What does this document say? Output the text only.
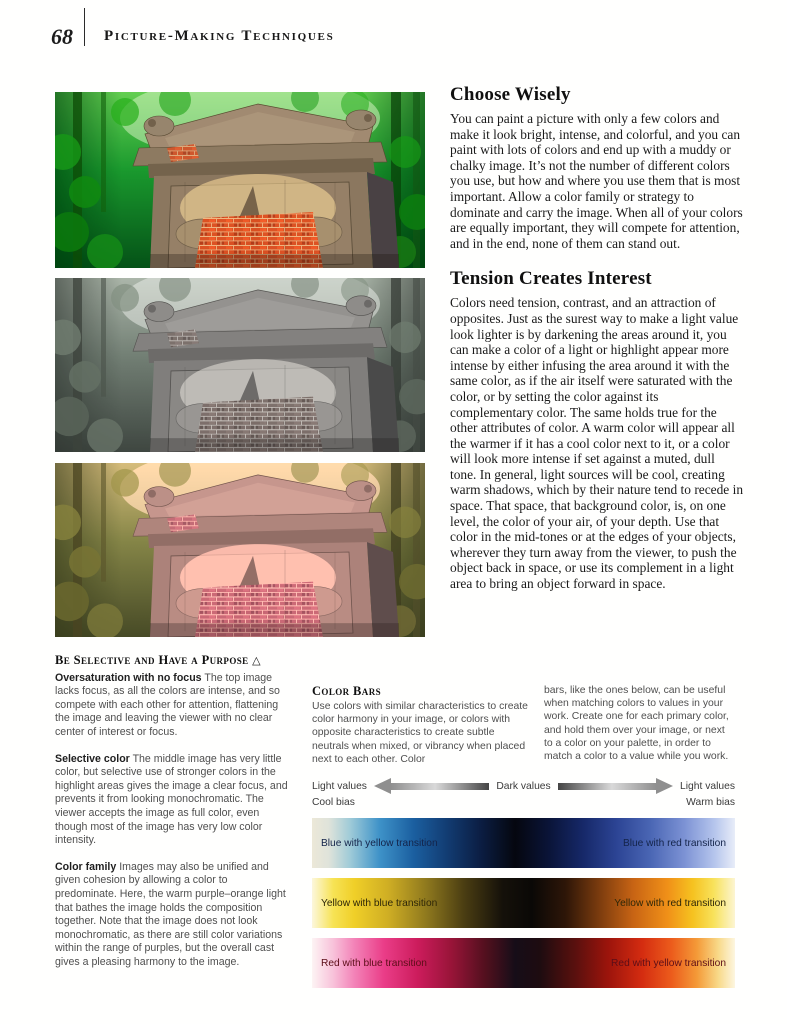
68 Picture-Making Techniques
Choose Wisely

You can paint a picture with only a few colors and make it look bright, intense, and colorful, and you can paint with lots of colors and end up with a muddy or chalky image. It’s not the number of different colors you use, but how and where you use them that is most important. Allow a color family or strategy to dominate and carry the image. When all of your colors are equally important, they will compete for attention, and in the end, none of them can stand out.

Tension Creates Interest

Colors need tension, contrast, and an attraction of opposites. Just as the surest way to make a light value look lighter is by darkening the areas around it, you can make a color of a light or highlight appear more intense by either infusing the area around it with the same color, as if the air itself were saturated with the color, or by setting the color against its complementary color. The same holds true for the other attributes of color. A warm color will appear all the warmer if it has a cool color next to it, or a color will look more intense if set against a muted, dull tone. In general, light sources will be cool, creating warm shadows, which by their nature tend to recede in space. That space, that background color, is, on one level, the color of your air, of your depth. Use that color in the mid-tones or at the edges of your objects, wherever they turn away from the viewer, to push the object back in space, or use its complement in a light area to bring an object forward in space.

Be Selective and Have a Purpose △

Oversaturation with no focus The top image lacks focus, as all the colors are intense, and so compete with each other for attention, flattening the image and leaving the viewer with no clear center of interest or focus.

Selective color The middle image has very little color, but selective use of stronger colors in the highlight areas gives the image a clear focus, and prevents it from looking monochromatic. The viewer accepts the image as full color, even though most of the image has very low color intensity.

Color family Images may also be unified and given cohesion by allowing a color to predominate. Here, the warm purple–orange light that bathes the image holds the composition together. Note that the image does not look monochromatic, as there are still color variations within the range of purples, but the overall cast gives a pleasing harmony to the image.

Color Bars

Use colors with similar characteristics to create color harmony in your image, or colors with opposite characteristics to create subtle neutrals when mixed, or vibrancy when placed next to each other. Color

bars, like the ones below, can be useful when matching colors to values in your work. Create one for each primary color, and hold them over your image, or next to a color on your palette, in order to match a color to a value while you work.

Light values	Dark values	Light values
Cool bias	Warm bias
Blue with yellow transition	Blue with red transition
Yellow with blue transition	Yellow with red transition
Red with blue transition	Red with yellow transition
